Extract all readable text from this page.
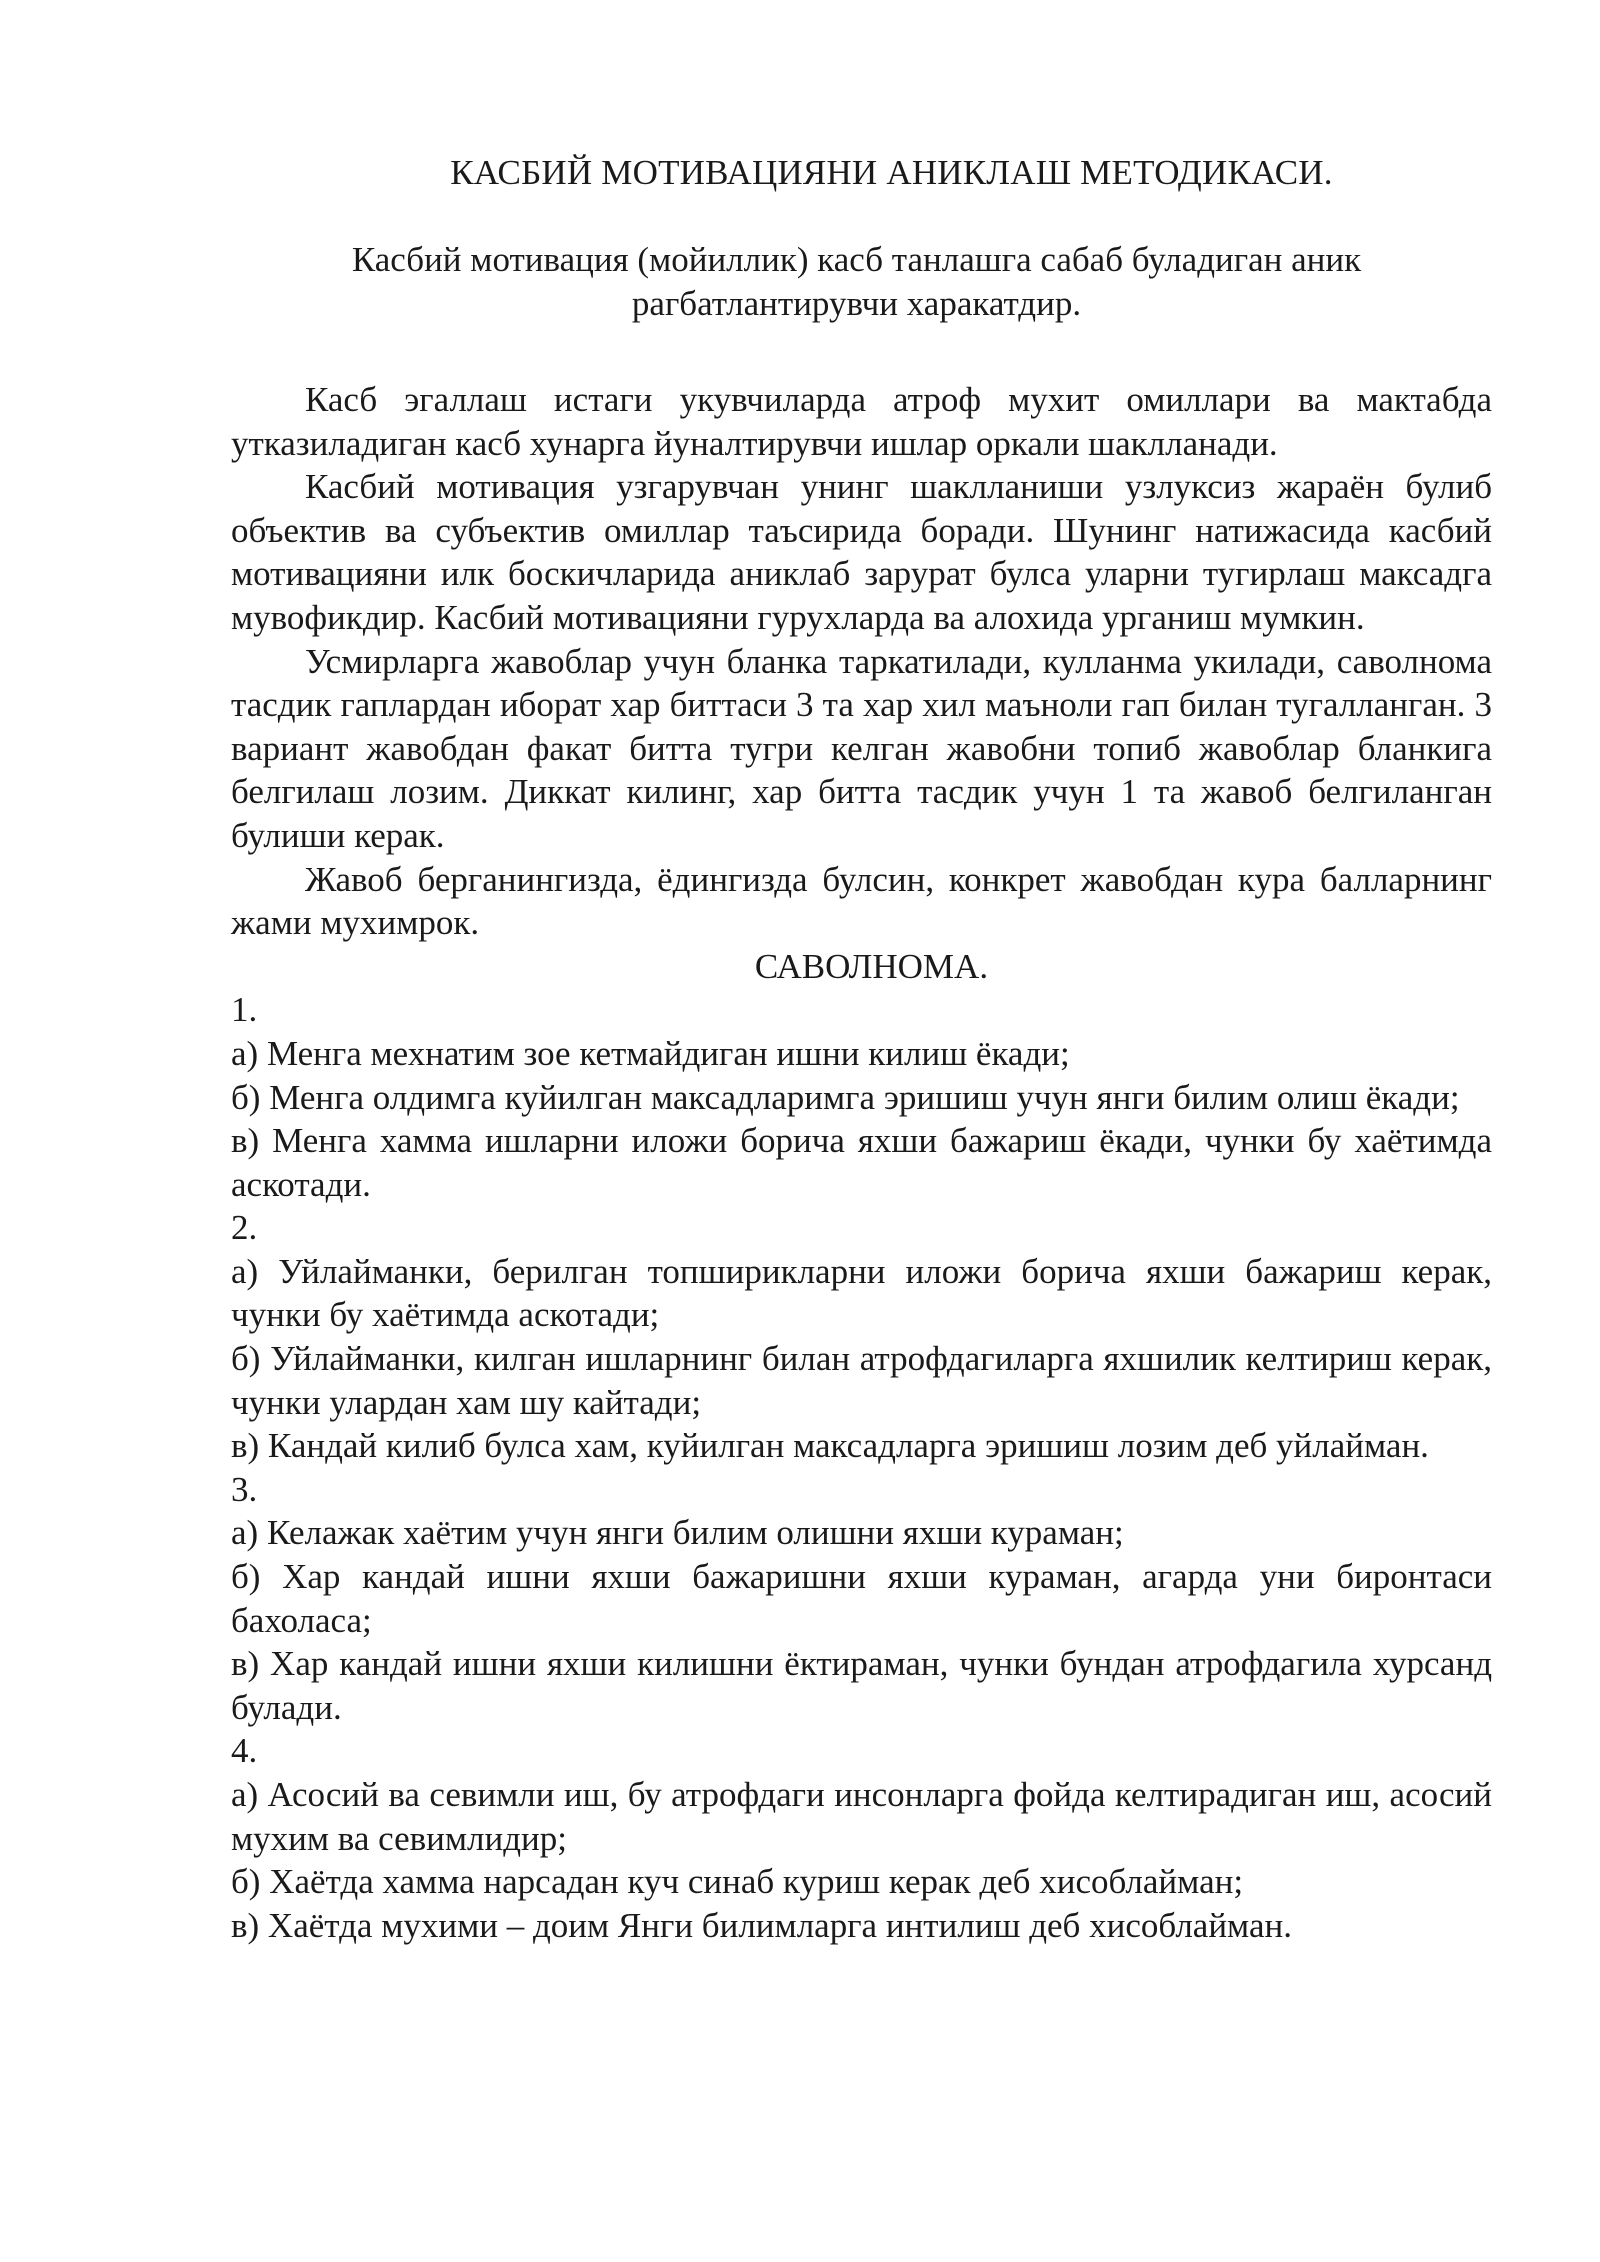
КАСБИЙ МОТИВАЦИЯНИ АНИКЛАШ МЕТОДИКАСИ.

Касбий мотивация (мойиллик) касб танлашга сабаб буладиган аник рагбатлантирувчи харакатдир.

Касб эгаллаш истаги укувчиларда атроф мухит омиллари ва мактабда утказиладиган касб хунарга йуналтирувчи ишлар оркали шаклланади.

Касбий мотивация узгарувчан унинг шаклланиши узлуксиз жараён булиб объектив ва субъектив омиллар таъсирида боради. Шунинг натижасида касбий мотивацияни илк боскичларида аниклаб зарурат булса уларни тугирлаш максадга мувофикдир. Касбий мотивацияни гурухларда ва алохида урганиш мумкин.

Усмирларга жавоблар учун бланка таркатилади, кулланма укилади, саволнома тасдик гаплардан иборат хар биттаси 3 та хар хил маъноли гап билан тугалланган. 3 вариант жавобдан факат битта тугри келган жавобни топиб жавоблар бланкига белгилаш лозим. Диккат килинг, хар битта тасдик учун 1 та жавоб белгиланган булиши керак.

Жавоб берганингизда, ёдингизда булсин, конкрет жавобдан кура балларнинг жами мухимрок.

САВОЛНОМА.

1.

а) Менга мехнатим зое кетмайдиган ишни килиш ёкади;

б) Менга олдимга куйилган максадларимга эришиш учун янги билим олиш ёкади;

в) Менга хамма ишларни иложи борича яхши бажариш ёкади, чунки бу хаётимда аскотади.

2.

а) Уйлайманки, берилган топширикларни иложи борича яхши бажариш керак, чунки бу хаётимда аскотади;

б) Уйлайманки, килган ишларнинг билан атрофдагиларга яхшилик келтириш керак, чунки улардан хам шу кайтади;

в) Кандай килиб булса хам, куйилган максадларга эришиш лозим деб уйлайман.

3.

а) Келажак хаётим учун янги билим олишни яхши кураман;

б) Хар кандай ишни яхши бажаришни яхши кураман, агарда уни биронтаси бахоласа;

в) Хар кандай ишни яхши килишни ёктираман, чунки бундан атрофдагила хурсанд булади.

4.

а) Асосий ва севимли иш, бу атрофдаги инсонларга фойда келтирадиган иш, асосий мухим ва севимлидир;

б) Хаётда хамма нарсадан куч синаб куриш керак деб хисоблайман;

в) Хаётда мухими – доим Янги билимларга интилиш деб хисоблайман.
